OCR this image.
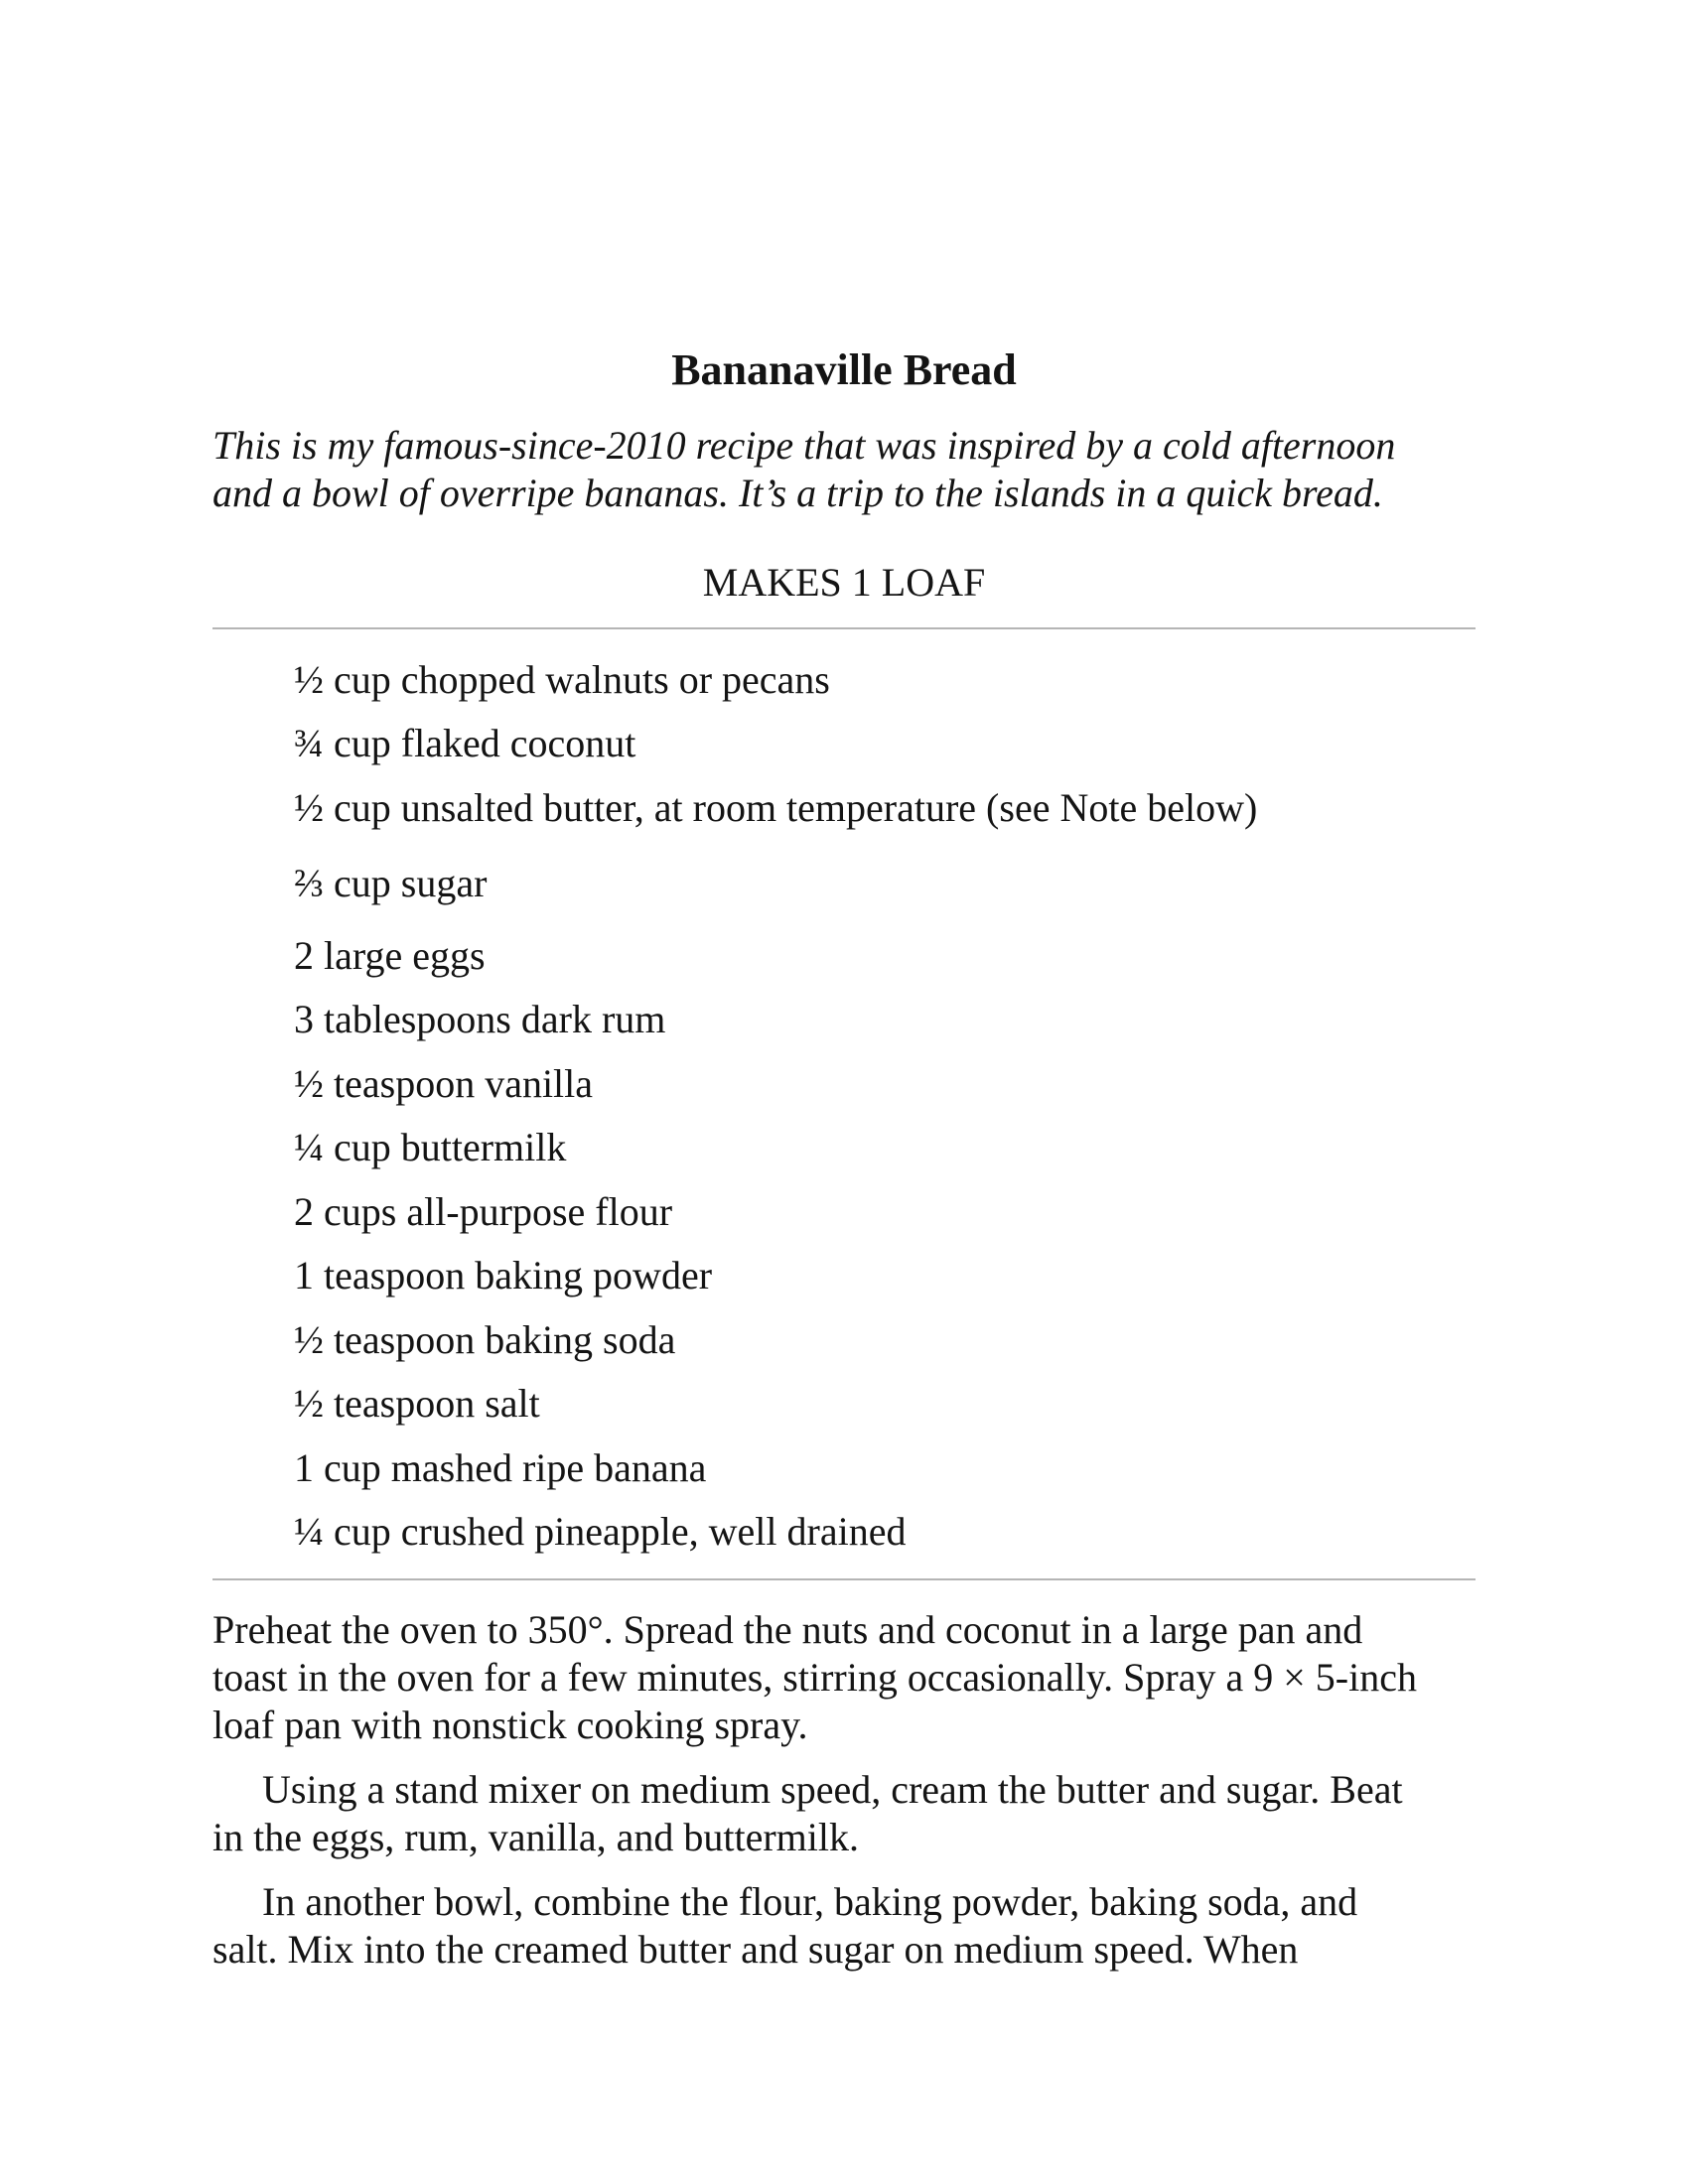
Bananaville Bread

This is my famous-since-2010 recipe that was inspired by a cold afternoon
and a bowl of overripe bananas. It’s a trip to the islands in a quick bread.

MAKES 1 LOAF

½ cup chopped walnuts or pecans
¾ cup flaked coconut
½ cup unsalted butter, at room temperature (see Note below)
⅔ cup sugar
2 large eggs
3 tablespoons dark rum
½ teaspoon vanilla
¼ cup buttermilk
2 cups all-purpose flour
1 teaspoon baking powder
½ teaspoon baking soda
½ teaspoon salt
1 cup mashed ripe banana
¼ cup crushed pineapple, well drained

Preheat the oven to 350°. Spread the nuts and coconut in a large pan and
toast in the oven for a few minutes, stirring occasionally. Spray a 9 × 5-inch
loaf pan with nonstick cooking spray.

Using a stand mixer on medium speed, cream the butter and sugar. Beat
in the eggs, rum, vanilla, and buttermilk.

In another bowl, combine the flour, baking powder, baking soda, and
salt. Mix into the creamed butter and sugar on medium speed. When
